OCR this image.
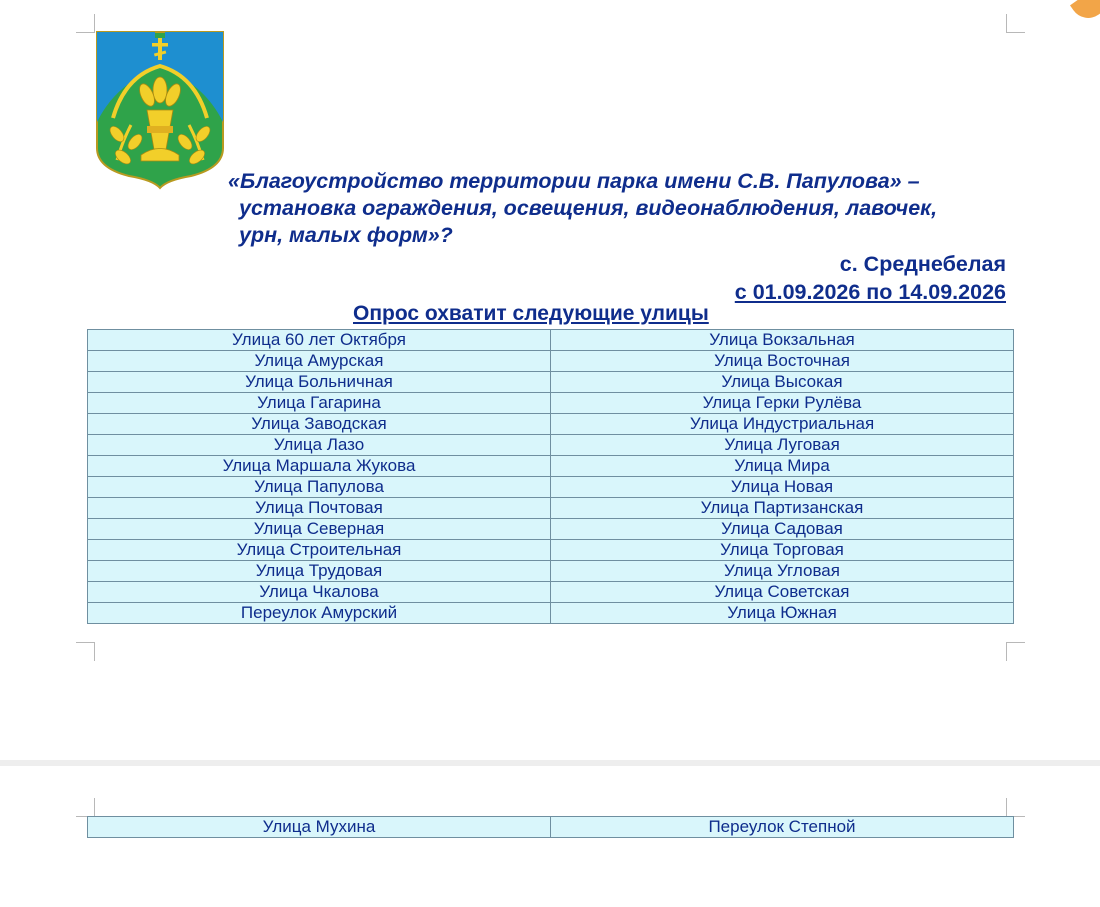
«Благоустройство территории парка имени С.В. Папулова» –
установка ограждения, освещения, видеонаблюдения, лавочек,
урн, малых форм»?
с. Среднебелая
с 01.09.2026 по 14.09.2026
Опрос охватит следующие улицы
Улица 60 лет Октября	Улица Вокзальная
Улица Амурская	Улица Восточная
Улица Больничная	Улица Высокая
Улица Гагарина	Улица Герки Рулёва
Улица Заводская	Улица Индустриальная
Улица Лазо	Улица Луговая
Улица Маршала Жукова	Улица Мира
Улица Папулова	Улица Новая
Улица Почтовая	Улица Партизанская
Улица Северная	Улица Садовая
Улица Строительная	Улица Торговая
Улица Трудовая	Улица Угловая
Улица Чкалова	Улица Советская
Переулок Амурский	Улица Южная
Улица Мухина	Переулок Степной
